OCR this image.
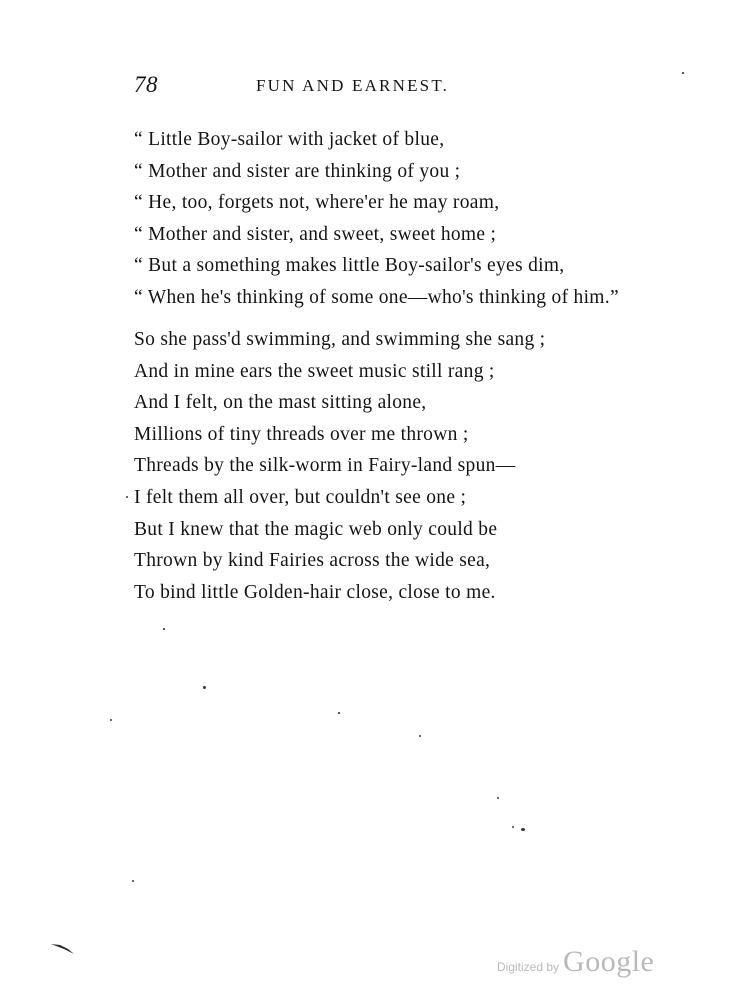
78	FUN AND EARNEST.
“ Little Boy-sailor with jacket of blue,
“ Mother and sister are thinking of you ;
“ He, too, forgets not, where'er he may roam,
“ Mother and sister, and sweet, sweet home ;
“ But a something makes little Boy-sailor's eyes dim,
“ When he's thinking of some one—who's thinking of him.”
So she pass'd swimming, and swimming she sang ;
And in mine ears the sweet music still rang ;
And I felt, on the mast sitting alone,
Millions of tiny threads over me thrown ;
Threads by the silk-worm in Fairy-land spun—
I felt them all over, but couldn't see one ;
But I knew that the magic web only could be
Thrown by kind Fairies across the wide sea,
To bind little Golden-hair close, close to me.
Digitized by Google
